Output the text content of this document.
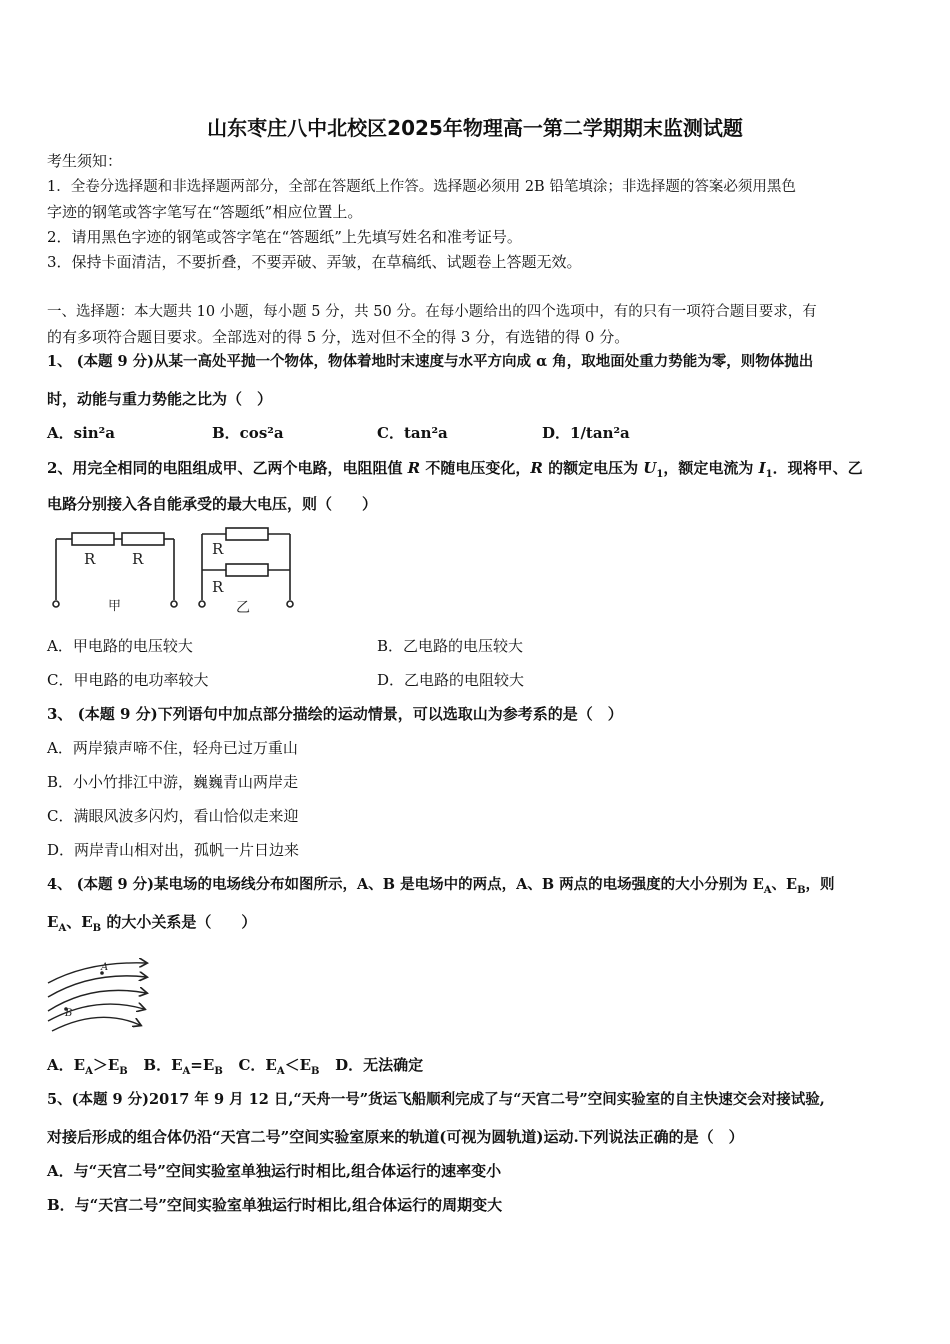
山东枣庄八中北校区2025年物理高一第二学期期末监测试题
考生须知：
1．全卷分选择题和非选择题两部分，全部在答题纸上作答。选择题必须用 2B 铅笔填涂；非选择题的答案必须用黑色
字迹的钢笔或答字笔写在“答题纸”相应位置上。
2．请用黑色字迹的钢笔或答字笔在“答题纸”上先填写姓名和准考证号。
3．保持卡面清洁，不要折叠，不要弄破、弄皱，在草稿纸、试题卷上答题无效。
一、选择题：本大题共 10 小题，每小题 5 分，共 50 分。在每小题给出的四个选项中，有的只有一项符合题目要求，有
的有多项符合题目要求。全部选对的得 5 分，选对但不全的得 3 分，有选错的得 0 分。
1、 (本题 9 分)从某一高处平抛一个物体，物体着地时末速度与水平方向成 α 角，取地面处重力势能为零，则物体抛出
时，动能与重力势能之比为（　）
A．sin²a	B．cos²a	C．tan²a	D．1/tan²a
2、用完全相同的电阻组成甲、乙两个电路，电阻阻值 R 不随电压变化，R 的额定电压为 $U_1$，额定电流为 $I_1$．现将甲、乙
电路分别接入各自能承受的最大电压，则（　　）
R R
R
R
甲	乙
A．甲电路的电压较大	B．乙电路的电压较大
C．甲电路的电功率较大	D．乙电路的电阻较大
3、 (本题 9 分)下列语句中加点部分描绘的运动情景，可以选取山为参考系的是（　）
A．两岸猿声啼不住，轻舟已过万重山
B．小小竹排江中游，巍巍青山两岸走
C．满眼风波多闪灼，看山恰似走来迎
D．两岸青山相对出，孤帆一片日边来
4、 (本题 9 分)某电场的电场线分布如图所示，A、B 是电场中的两点，A、B 两点的电场强度的大小分别为 $E_A$、$E_B$，则
$E_A$、$E_B$ 的大小关系是（　　）
A
B
A．$E_A>E_B$ B．$E_A=E_B$ C．$E_A<E_B$ D．无法确定
5、(本题 9 分)2017 年 9 月 12 日,“天舟一号”货运飞船顺利完成了与“天宫二号”空间实验室的自主快速交会对接试验,
对接后形成的组合体仍沿“天宫二号”空间实验室原来的轨道(可视为圆轨道)运动.下列说法正确的是（　）
A．与“天宫二号”空间实验室单独运行时相比,组合体运行的速率变小
B．与“天宫二号”空间实验室单独运行时相比,组合体运行的周期变大
